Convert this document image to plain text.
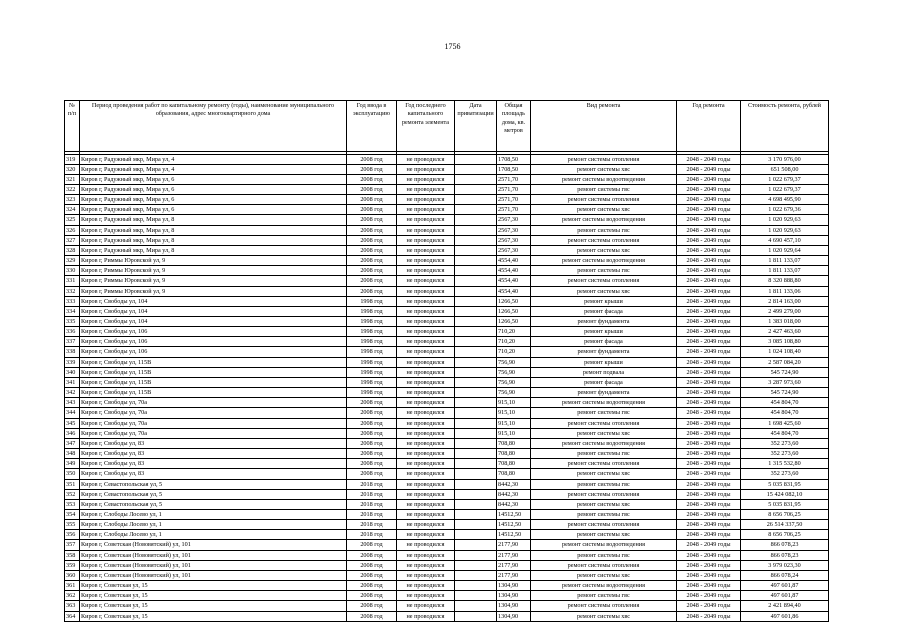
1756
№ п/п	Период проведения работ по капитальному ремонту (годы), наименование муниципального образования, адрес многоквартирного дома	Год ввода в эксплуатацию	Год последнего капитального ремонта элемента	Дата приватизации	Общая площадь дома, кв. метров	Вид ремонта	Год ремонта	Стоимость ремонта, рублей

319	Киров г, Радужный мкр, Мира ул, 4	2008 год	не проводился		1708,50	ремонт системы отопления	2048 - 2049 годы	3 170 976,00
320	Киров г, Радужный мкр, Мира ул, 4	2008 год	не проводился		1708,50	ремонт системы хвс	2048 - 2049 годы	651 508,00
321	Киров г, Радужный мкр, Мира ул, 6	2008 год	не проводился		2571,70	ремонт системы водоотведения	2048 - 2049 годы	1 022 679,37
322	Киров г, Радужный мкр, Мира ул, 6	2008 год	не проводился		2571,70	ремонт системы гвс	2048 - 2049 годы	1 022 679,37
323	Киров г, Радужный мкр, Мира ул, 6	2008 год	не проводился		2571,70	ремонт системы отопления	2048 - 2049 годы	4 698 495,90
324	Киров г, Радужный мкр, Мира ул, 6	2008 год	не проводился		2571,70	ремонт системы хвс	2048 - 2049 годы	1 022 679,36
325	Киров г, Радужный мкр, Мира ул, 8	2008 год	не проводился		2567,30	ремонт системы водоотведения	2048 - 2049 годы	1 020 929,63
326	Киров г, Радужный мкр, Мира ул, 8	2008 год	не проводился		2567,30	ремонт системы гвс	2048 - 2049 годы	1 020 929,63
327	Киров г, Радужный мкр, Мира ул, 8	2008 год	не проводился		2567,30	ремонт системы отопления	2048 - 2049 годы	4 690 457,10
328	Киров г, Радужный мкр, Мира ул, 8	2008 год	не проводился		2567,30	ремонт системы хвс	2048 - 2049 годы	1 020 929,64
329	Киров г, Риммы Юровской ул, 9	2008 год	не проводился		4554,40	ремонт системы водоотведения	2048 - 2049 годы	1 811 133,07
330	Киров г, Риммы Юровской ул, 9	2008 год	не проводился		4554,40	ремонт системы гвс	2048 - 2049 годы	1 811 133,07
331	Киров г, Риммы Юровской ул, 9	2008 год	не проводился		4554,40	ремонт системы отопления	2048 - 2049 годы	8 320 888,80
332	Киров г, Риммы Юровской ул, 9	2008 год	не проводился		4554,40	ремонт системы хвс	2048 - 2049 годы	1 811 133,06
333	Киров г, Свободы ул, 104	1998 год	не проводился		1266,50	ремонт крыши	2048 - 2049 годы	2 814 163,00
334	Киров г, Свободы ул, 104	1998 год	не проводился		1266,50	ремонт фасада	2048 - 2049 годы	2 499 279,00
335	Киров г, Свободы ул, 104	1998 год	не проводился		1266,50	ремонт фундамента	2048 - 2049 годы	1 383 018,00
336	Киров г, Свободы ул, 106	1998 год	не проводился		710,20	ремонт крыши	2048 - 2049 годы	2 427 463,60
337	Киров г, Свободы ул, 106	1998 год	не проводился		710,20	ремонт фасада	2048 - 2049 годы	3 085 108,80
338	Киров г, Свободы ул, 106	1998 год	не проводился		710,20	ремонт фундамента	2048 - 2049 годы	1 024 108,40
339	Киров г, Свободы ул, 115В	1998 год	не проводился		756,90	ремонт крыши	2048 - 2049 годы	2 587 084,20
340	Киров г, Свободы ул, 115В	1998 год	не проводился		756,90	ремонт подвала	2048 - 2049 годы	545 724,90
341	Киров г, Свободы ул, 115В	1998 год	не проводился		756,90	ремонт фасада	2048 - 2049 годы	3 287 973,60
342	Киров г, Свободы ул, 115В	1998 год	не проводился		756,90	ремонт фундамента	2048 - 2049 годы	545 724,90
343	Киров г, Свободы ул, 70а	2008 год	не проводился		915,10	ремонт системы водоотведения	2048 - 2049 годы	454 804,70
344	Киров г, Свободы ул, 70а	2008 год	не проводился		915,10	ремонт системы гвс	2048 - 2049 годы	454 804,70
345	Киров г, Свободы ул, 70а	2008 год	не проводился		915,10	ремонт системы отопления	2048 - 2049 годы	1 698 425,60
346	Киров г, Свободы ул, 70а	2008 год	не проводился		915,10	ремонт системы хвс	2048 - 2049 годы	454 804,70
347	Киров г, Свободы ул, 83	2008 год	не проводился		708,80	ремонт системы водоотведения	2048 - 2049 годы	352 273,60
348	Киров г, Свободы ул, 83	2008 год	не проводился		708,80	ремонт системы гвс	2048 - 2049 годы	352 273,60
349	Киров г, Свободы ул, 83	2008 год	не проводился		708,80	ремонт системы отопления	2048 - 2049 годы	1 315 532,80
350	Киров г, Свободы ул, 83	2008 год	не проводился		708,80	ремонт системы хвс	2048 - 2049 годы	352 273,60
351	Киров г, Севастопольская ул, 5	2018 год	не проводился		8442,30	ремонт системы гвс	2048 - 2049 годы	5 035 831,95
352	Киров г, Севастопольская ул, 5	2018 год	не проводился		8442,30	ремонт системы отопления	2048 - 2049 годы	15 424 082,10
353	Киров г, Севастопольская ул, 5	2018 год	не проводился		8442,30	ремонт системы хвс	2048 - 2049 годы	5 035 831,95
354	Киров г, Слободы Лосево ул, 1	2018 год	не проводился		14512,50	ремонт системы гвс	2048 - 2049 годы	8 656 706,25
355	Киров г, Слободы Лосево ул, 1	2018 год	не проводился		14512,50	ремонт системы отопления	2048 - 2049 годы	26 514 337,50
356	Киров г, Слободы Лосево ул, 1	2018 год	не проводился		14512,50	ремонт системы хвс	2048 - 2049 годы	8 656 706,25
357	Киров г, Советская (Нововятский) ул, 101	2008 год	не проводился		2177,90	ремонт системы водоотведения	2048 - 2049 годы	866 078,23
358	Киров г, Советская (Нововятский) ул, 101	2008 год	не проводился		2177,90	ремонт системы гвс	2048 - 2049 годы	866 078,23
359	Киров г, Советская (Нововятский) ул, 101	2008 год	не проводился		2177,90	ремонт системы отопления	2048 - 2049 годы	3 979 023,30
360	Киров г, Советская (Нововятский) ул, 101	2008 год	не проводился		2177,90	ремонт системы хвс	2048 - 2049 годы	866 078,24
361	Киров г, Советская ул, 15	2008 год	не проводился		1304,90	ремонт системы водоотведения	2048 - 2049 годы	497 601,87
362	Киров г, Советская ул, 15	2008 год	не проводился		1304,90	ремонт системы гвс	2048 - 2049 годы	497 601,87
363	Киров г, Советская ул, 15	2008 год	не проводился		1304,90	ремонт системы отопления	2048 - 2049 годы	2 421 894,40
364	Киров г, Советская ул, 15	2008 год	не проводился		1304,90	ремонт системы хвс	2048 - 2049 годы	497 601,86
